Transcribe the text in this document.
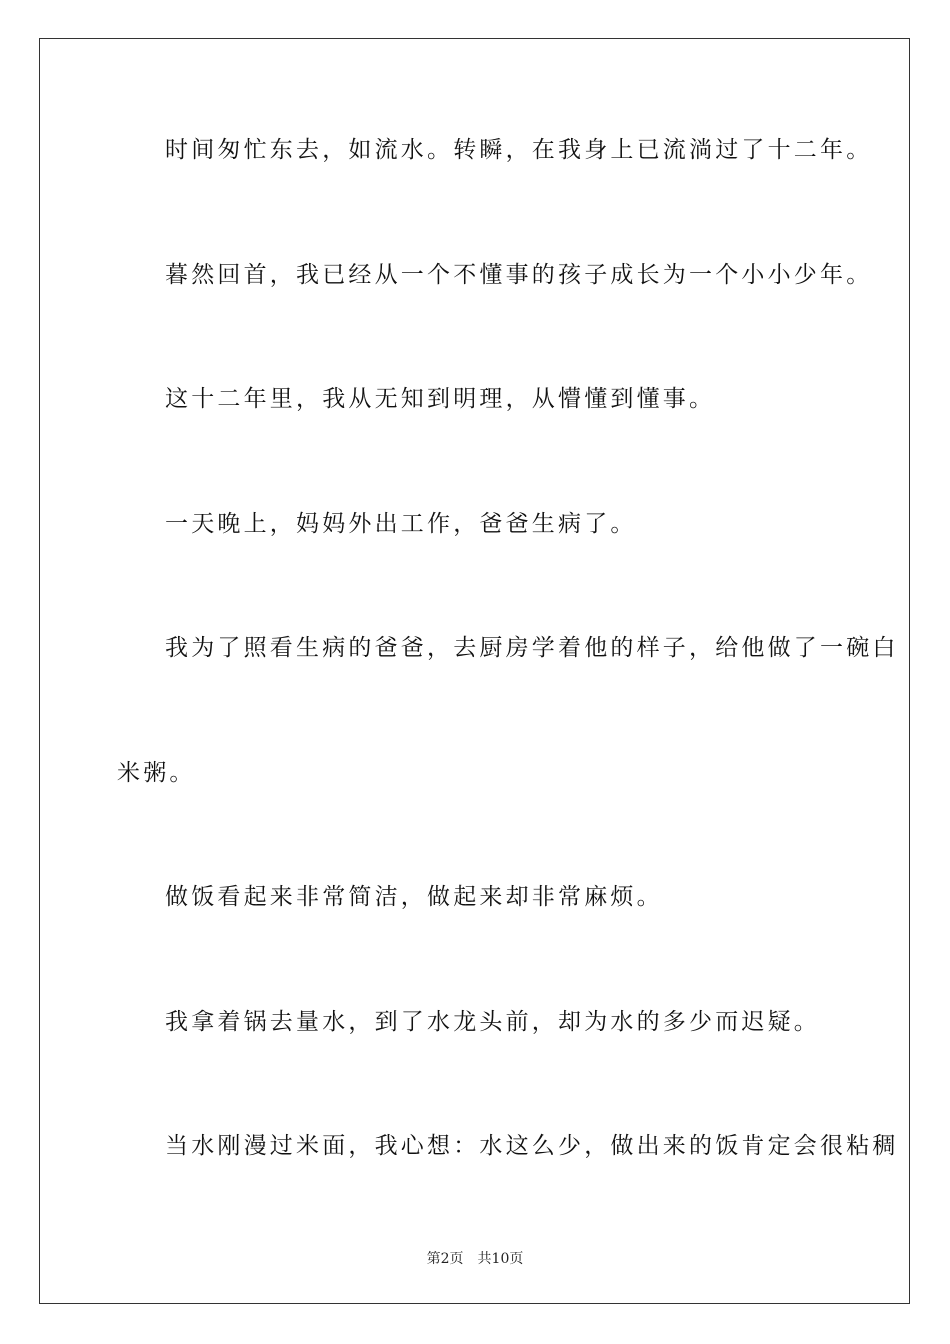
时间匆忙东去，如流水。转瞬，在我身上已流淌过了十二年。
暮然回首，我已经从一个不懂事的孩子成长为一个小小少年。
这十二年里，我从无知到明理，从懵懂到懂事。
一天晚上，妈妈外出工作，爸爸生病了。
我为了照看生病的爸爸，去厨房学着他的样子，给他做了一碗白
米粥。
做饭看起来非常简洁，做起来却非常麻烦。
我拿着锅去量水，到了水龙头前，却为水的多少而迟疑。
当水刚漫过米面，我心想：水这么少，做出来的饭肯定会很粘稠
第2页 共10页
